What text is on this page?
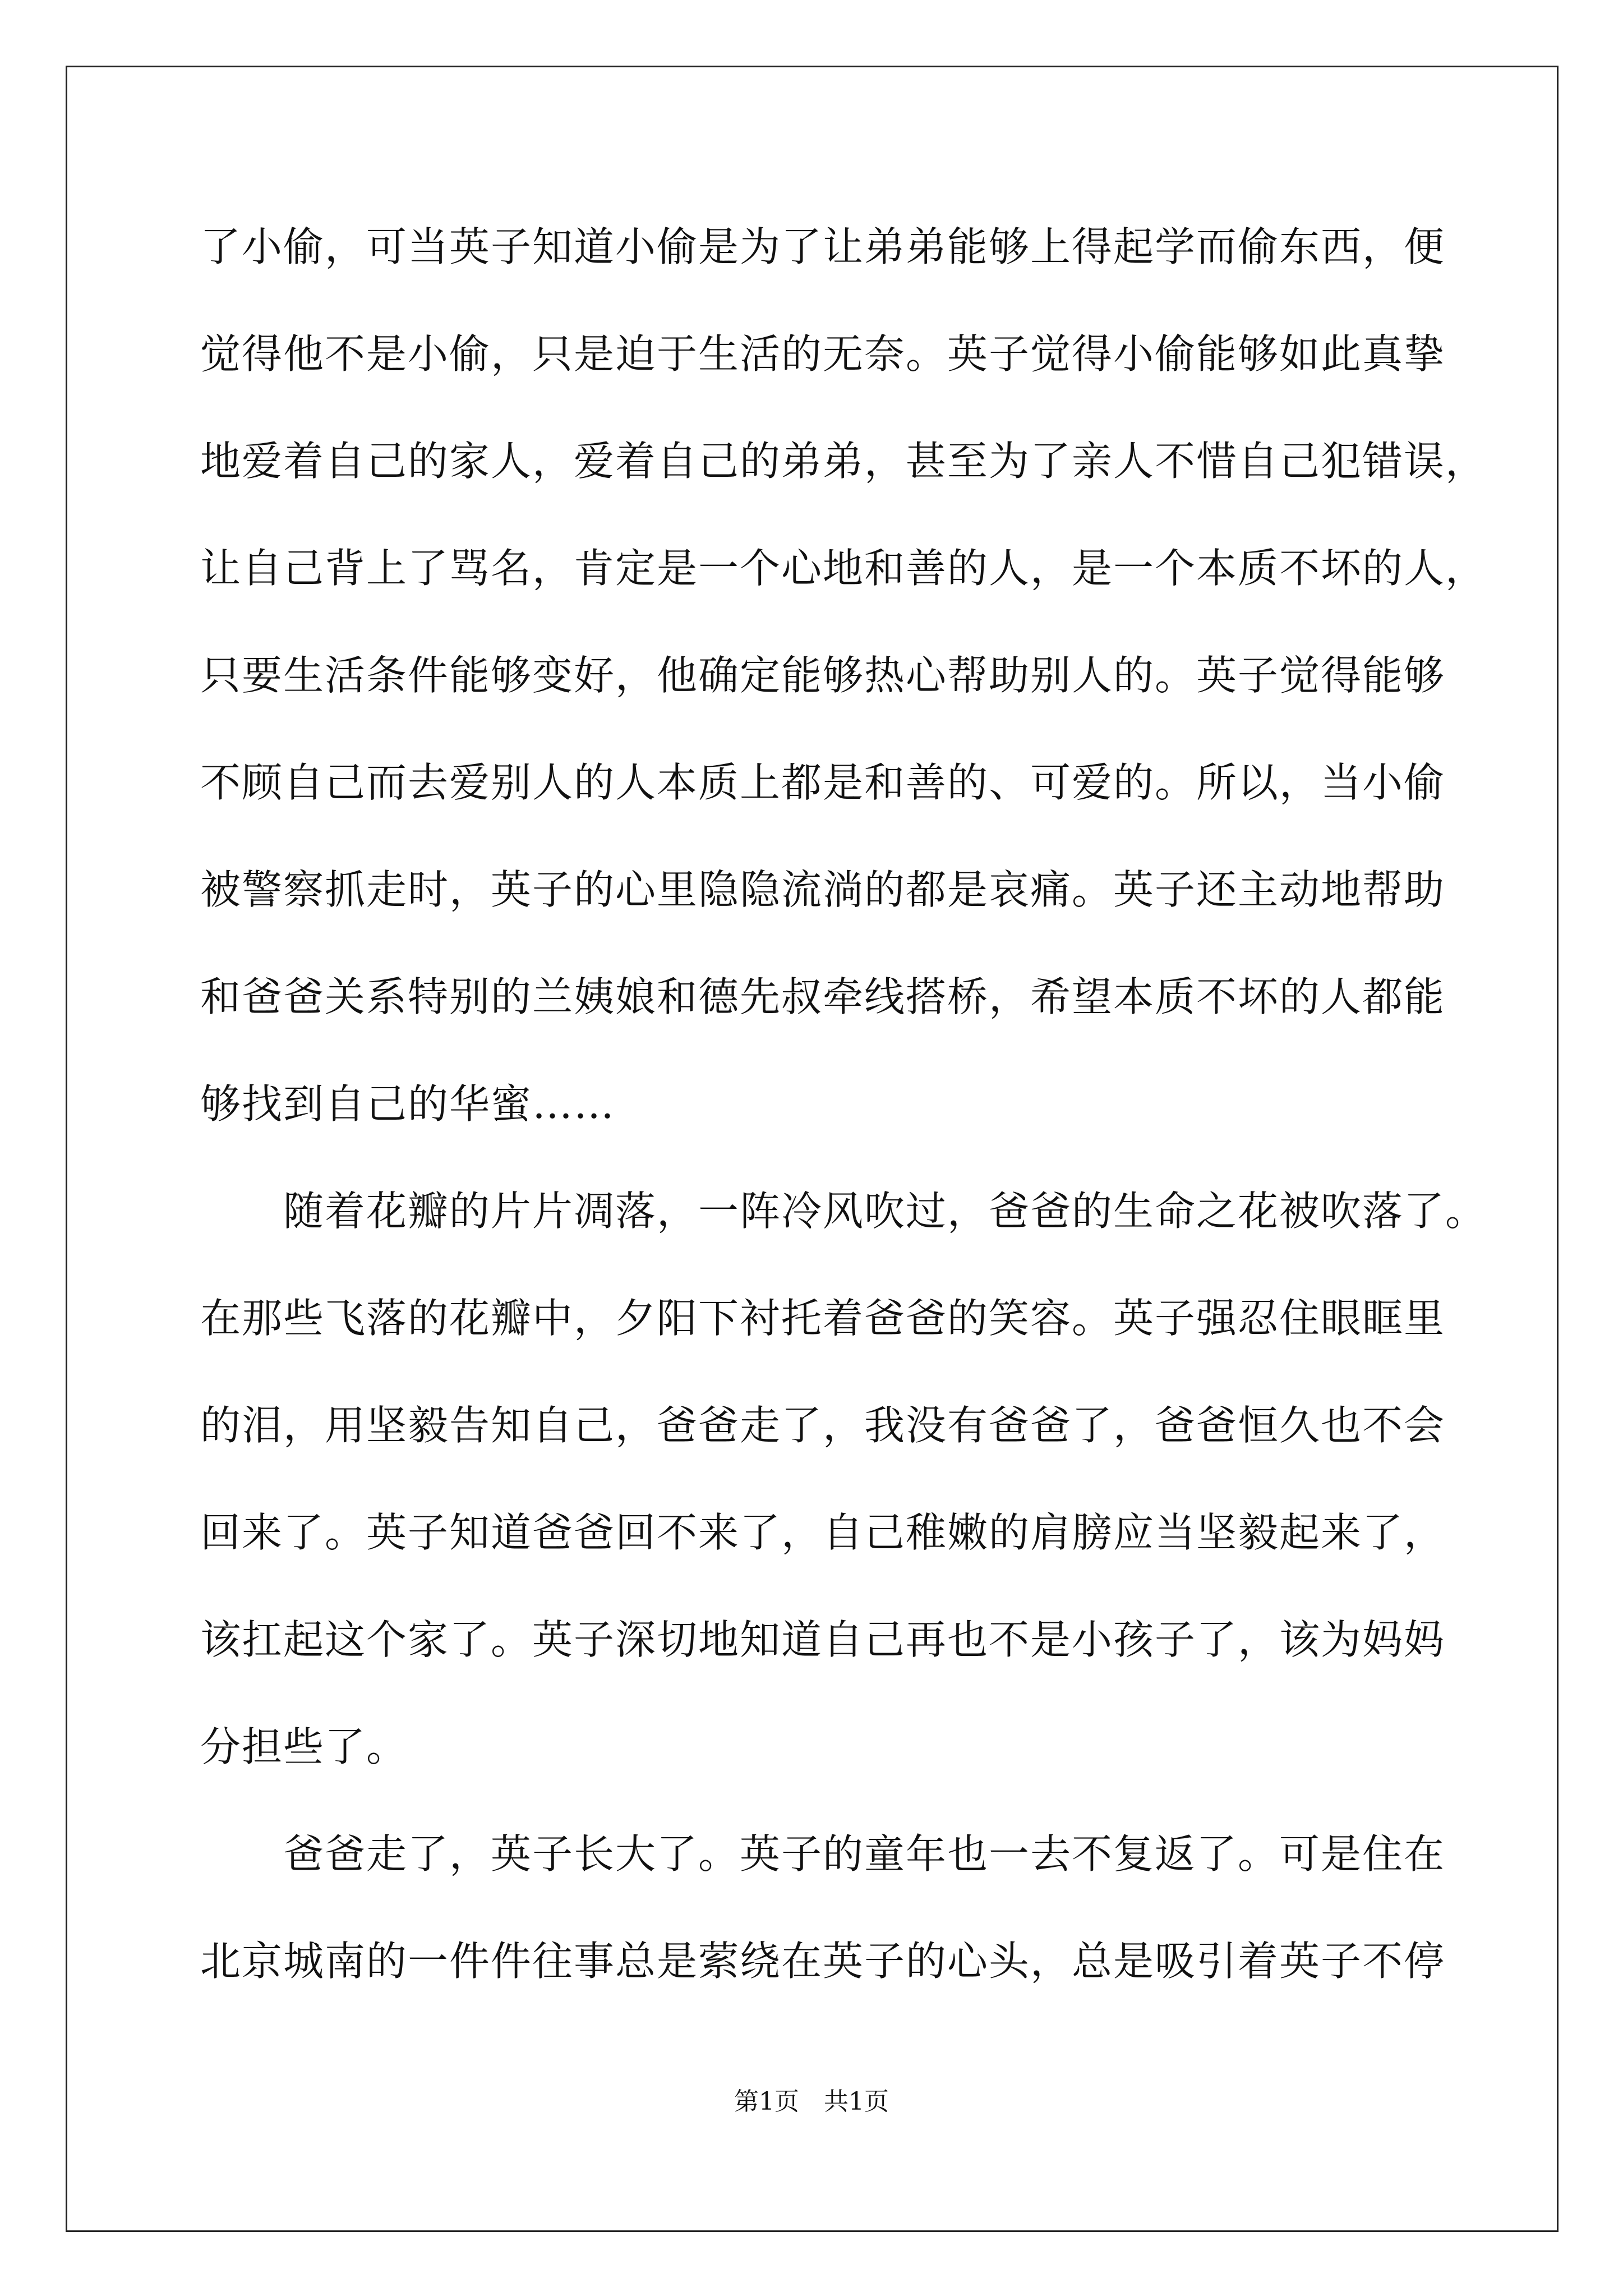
了小偷，可当英子知道小偷是为了让弟弟能够上得起学而偷东西，便
觉得他不是小偷，只是迫于生活的无奈。英子觉得小偷能够如此真挚
地爱着自己的家人，爱着自己的弟弟，甚至为了亲人不惜自己犯错误，
让自己背上了骂名，肯定是一个心地和善的人，是一个本质不坏的人，
只要生活条件能够变好，他确定能够热心帮助别人的。英子觉得能够
不顾自己而去爱别人的人本质上都是和善的、可爱的。所以，当小偷
被警察抓走时，英子的心里隐隐流淌的都是哀痛。英子还主动地帮助
和爸爸关系特别的兰姨娘和德先叔牵线搭桥，希望本质不坏的人都能
够找到自己的华蜜……
随着花瓣的片片凋落，一阵冷风吹过，爸爸的生命之花被吹落了。
在那些飞落的花瓣中，夕阳下衬托着爸爸的笑容。英子强忍住眼眶里
的泪，用坚毅告知自己，爸爸走了，我没有爸爸了，爸爸恒久也不会
回来了。英子知道爸爸回不来了，自己稚嫩的肩膀应当坚毅起来了，
该扛起这个家了。英子深切地知道自己再也不是小孩子了，该为妈妈
分担些了。
爸爸走了，英子长大了。英子的童年也一去不复返了。可是住在
北京城南的一件件往事总是萦绕在英子的心头，总是吸引着英子不停
第1页　共1页
